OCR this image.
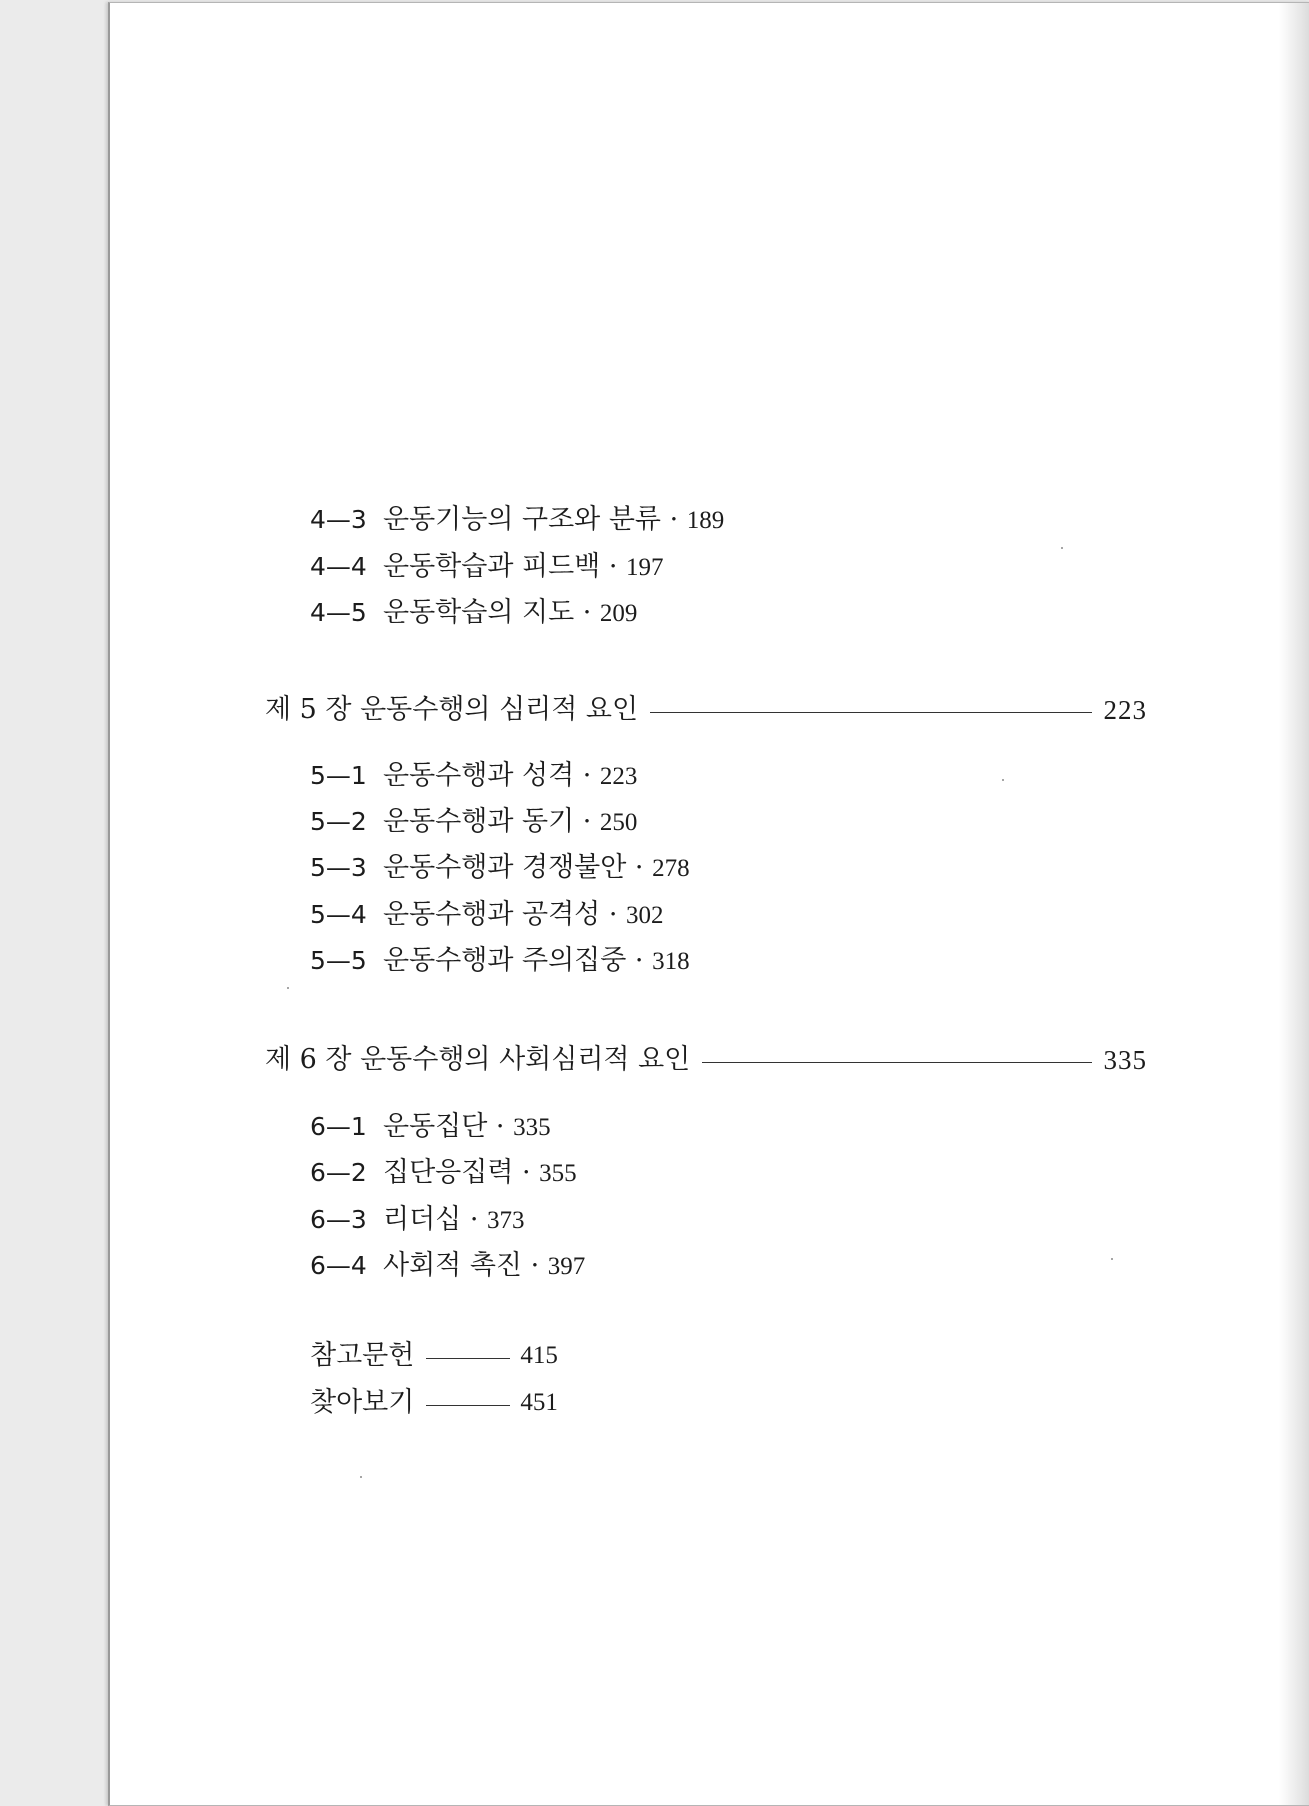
4—3 운동기능의 구조와 분류 · 189
4—4 운동학습과 피드백 · 197
4—5 운동학습의 지도 · 209
제 5 장 운동수행의 심리적 요인	223
5—1 운동수행과 성격 · 223
5—2 운동수행과 동기 · 250
5—3 운동수행과 경쟁불안 · 278
5—4 운동수행과 공격성 · 302
5—5 운동수행과 주의집중 · 318
제 6 장 운동수행의 사회심리적 요인	335
6—1 운동집단 · 335
6—2 집단응집력 · 355
6—3 리더십 · 373
6—4 사회적 촉진 · 397
참고문헌	415
찾아보기	451
